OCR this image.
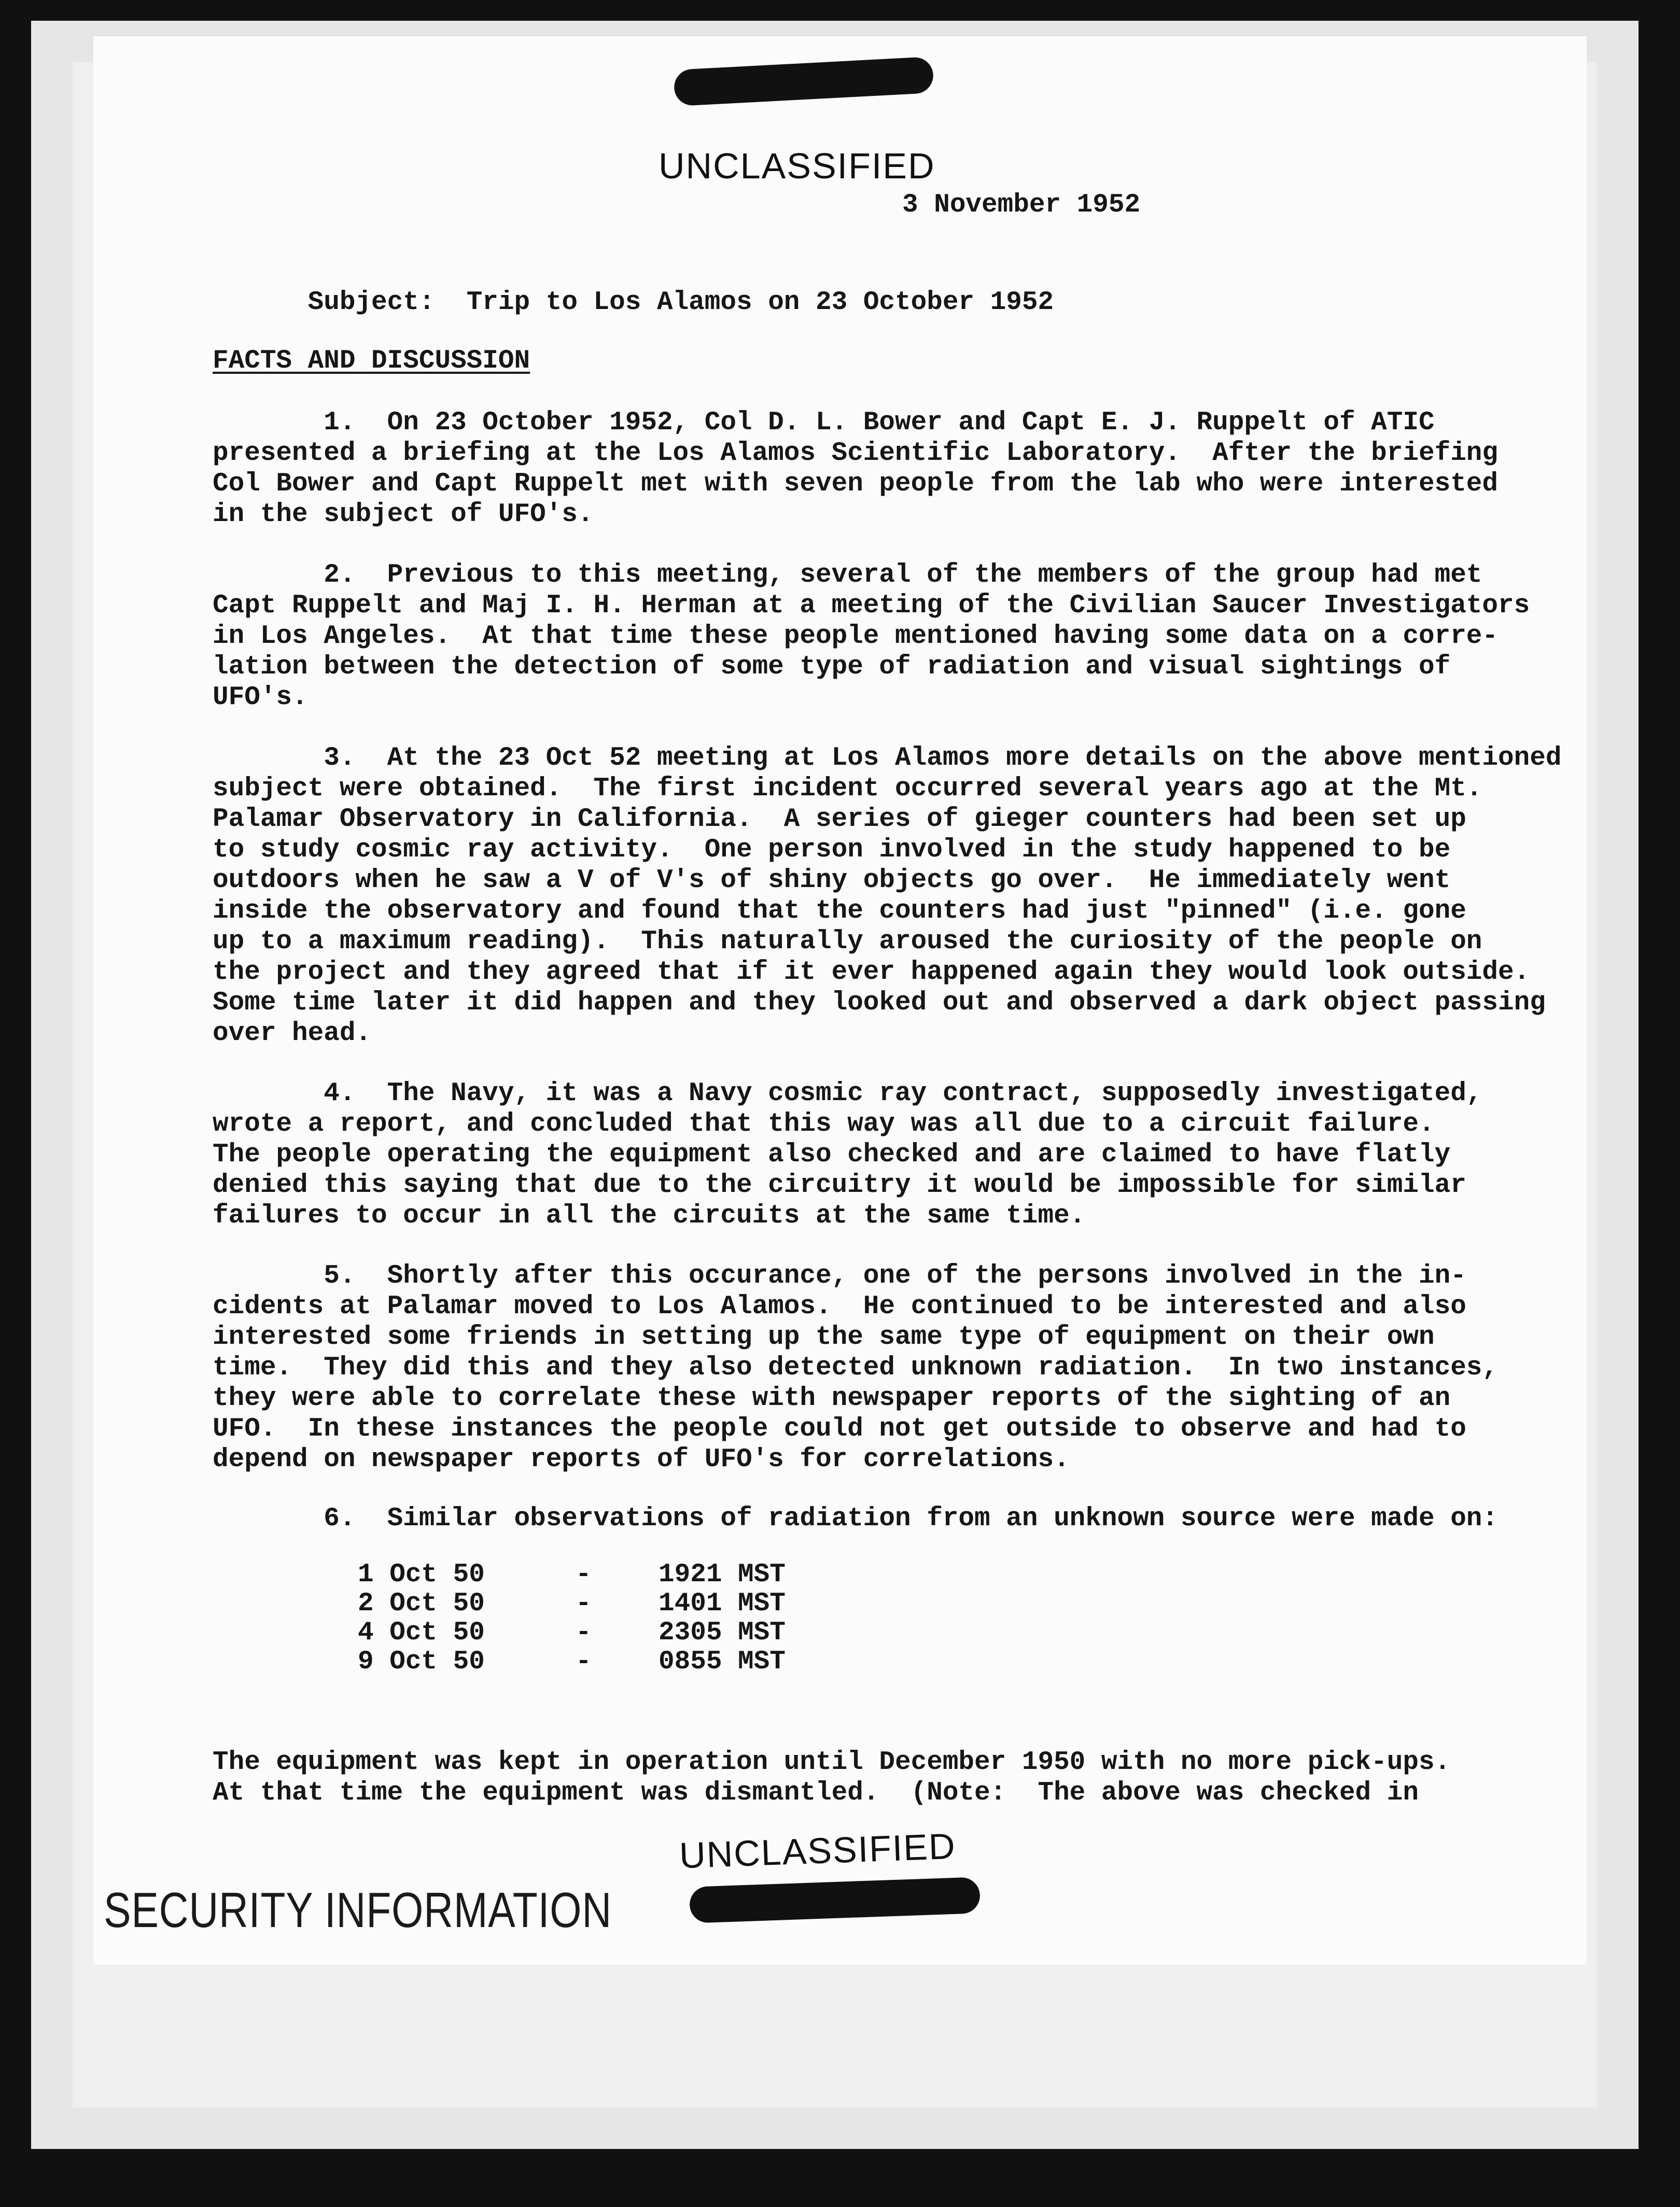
UNCLASSIFIED
3 November 1952

Subject: Trip to Los Alamos on 23 October 1952

FACTS AND DISCUSSION
1.  On 23 October 1952, Col D. L. Bower and Capt E. J. Ruppelt of ATIC
presented a briefing at the Los Alamos Scientific Laboratory.  After the briefing
Col Bower and Capt Ruppelt met with seven people from the lab who were interested
in the subject of UFO's.
2.  Previous to this meeting, several of the members of the group had met
Capt Ruppelt and Maj I. H. Herman at a meeting of the Civilian Saucer Investigators
in Los Angeles.  At that time these people mentioned having some data on a corre-
lation between the detection of some type of radiation and visual sightings of
UFO's.
3.  At the 23 Oct 52 meeting at Los Alamos more details on the above mentioned
subject were obtained.  The first incident occurred several years ago at the Mt.
Palamar Observatory in California.  A series of gieger counters had been set up
to study cosmic ray activity.  One person involved in the study happened to be
outdoors when he saw a V of V's of shiny objects go over.  He immediately went
inside the observatory and found that the counters had just "pinned" (i.e. gone
up to a maximum reading).  This naturally aroused the curiosity of the people on
the project and they agreed that if it ever happened again they would look outside.
Some time later it did happen and they looked out and observed a dark object passing
over head.
4.  The Navy, it was a Navy cosmic ray contract, supposedly investigated,
wrote a report, and concluded that this way was all due to a circuit failure.
The people operating the equipment also checked and are claimed to have flatly
denied this saying that due to the circuitry it would be impossible for similar
failures to occur in all the circuits at the same time.
5.  Shortly after this occurance, one of the persons involved in the in-
cidents at Palamar moved to Los Alamos.  He continued to be interested and also
interested some friends in setting up the same type of equipment on their own
time.  They did this and they also detected unknown radiation.  In two instances,
they were able to correlate these with newspaper reports of the sighting of an
UFO.  In these instances the people could not get outside to observe and had to
depend on newspaper reports of UFO's for correlations.
6.  Similar observations of radiation from an unknown source were made on:
1 Oct 50	-	1921 MST
2 Oct 50	-	1401 MST
4 Oct 50	-	2305 MST
9 Oct 50	-	0855 MST
The equipment was kept in operation until December 1950 with no more pick-ups.
At that time the equipment was dismantled.  (Note:  The above was checked in
UNCLASSIFIED
SECURITY INFORMATION
